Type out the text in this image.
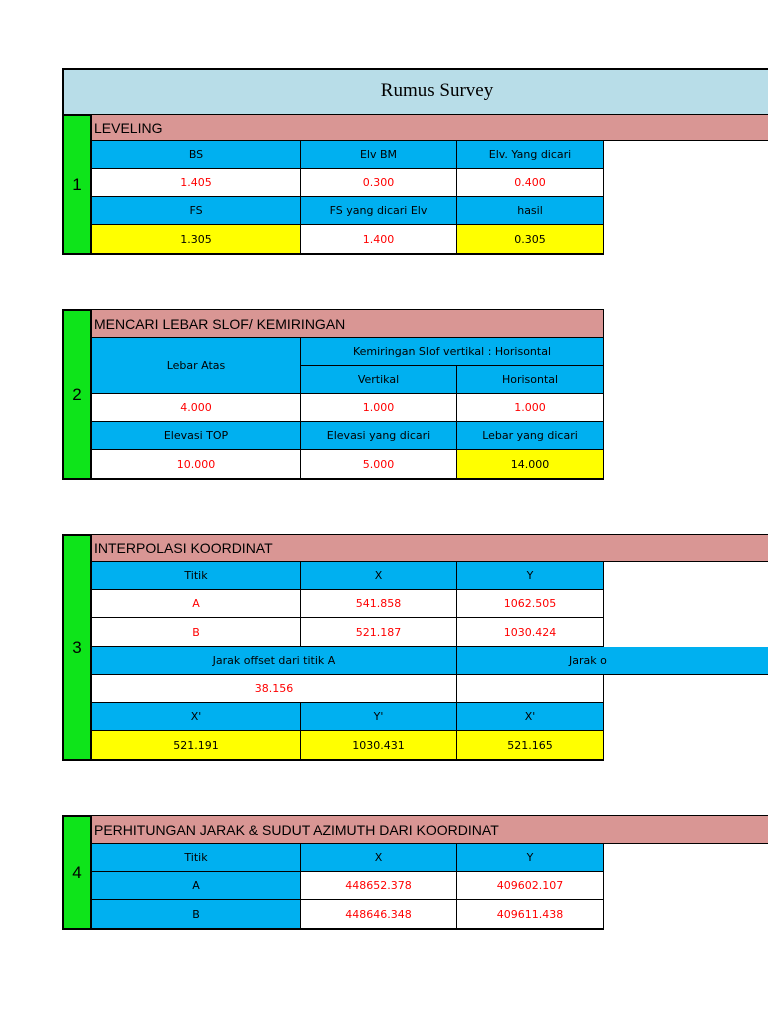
Rumus Survey
1
LEVELING
BS	Elv BM	Elv. Yang dicari
1.405	0.300	0.400
FS	FS yang dicari Elv	hasil
1.305	1.400	0.305
2
MENCARI LEBAR SLOF/ KEMIRINGAN
Lebar Atas
Kemiringan Slof vertikal : Horisontal
Vertikal	Horisontal
4.000	1.000	1.000
Elevasi TOP	Elevasi yang dicari	Lebar yang dicari
10.000	5.000	14.000
3
INTERPOLASI KOORDINAT
Titik	X	Y
A	541.858	1062.505
B	521.187	1030.424
Jarak offset dari titik A	Jarak o
38.156
X'	Y'	X'
521.191	1030.431	521.165
4
PERHITUNGAN JARAK & SUDUT AZIMUTH DARI KOORDINAT
Titik	X	Y
A	448652.378	409602.107
B	448646.348	409611.438
